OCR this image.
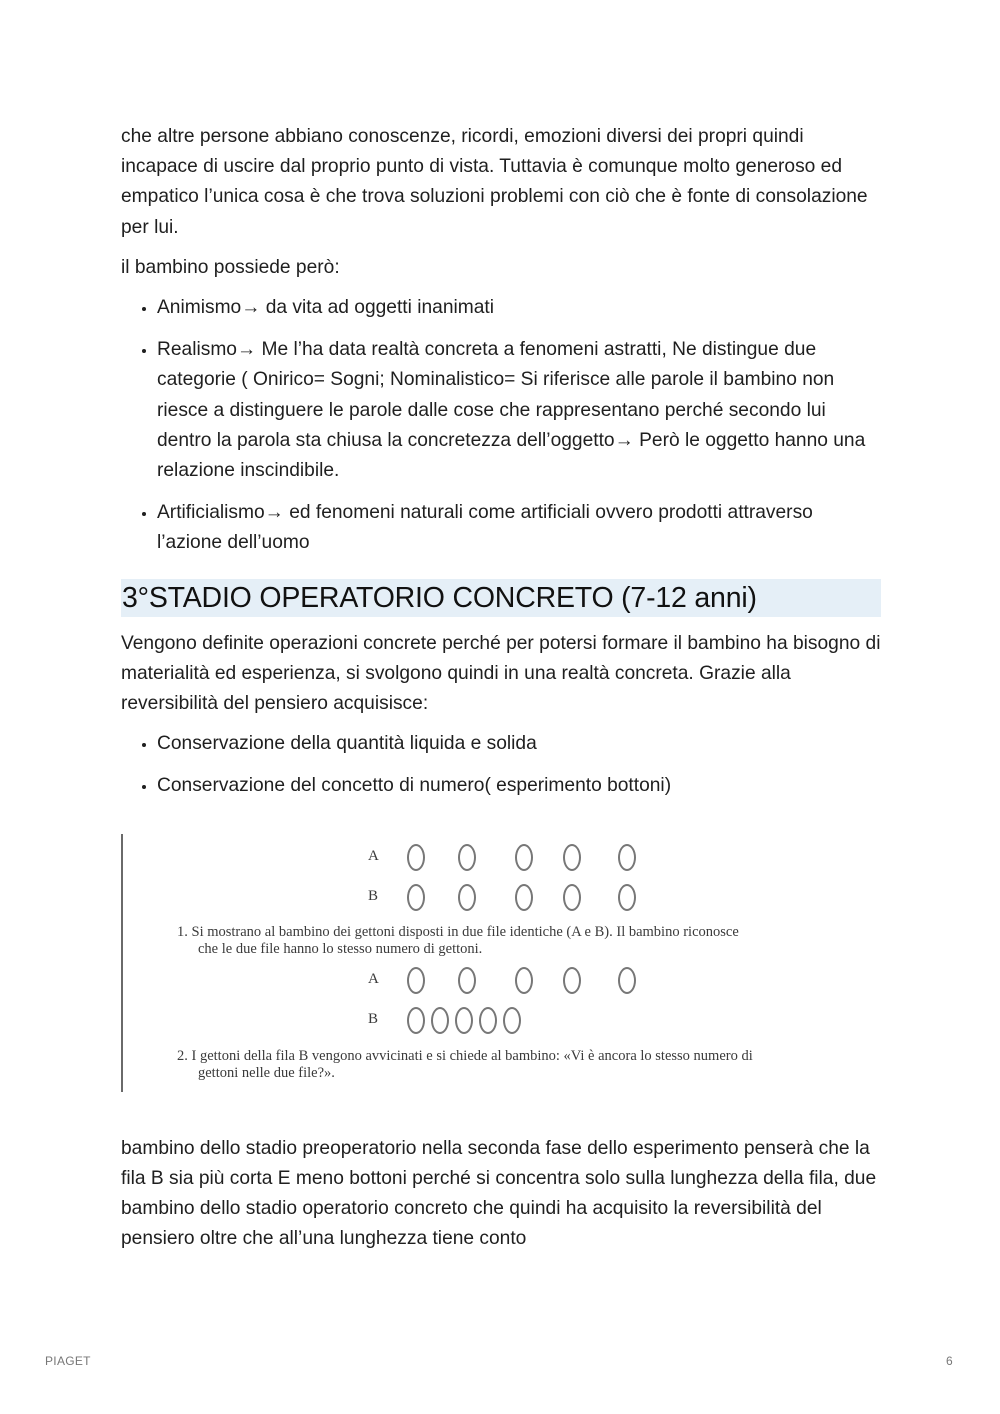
che altre persone abbiano conoscenze, ricordi, emozioni diversi dei propri quindi incapace di uscire dal proprio punto di vista. Tuttavia è comunque molto generoso ed empatico l’unica cosa è che trova soluzioni problemi con ciò che è fonte di consolazione per lui.

il bambino possiede però:

• Animismo→ da vita ad oggetti inanimati
• Realismo→ Me l’ha data realtà concreta a fenomeni astratti, Ne distingue due categorie ( Onirico= Sogni; Nominalistico= Si riferisce alle parole il bambino non riesce a distinguere le parole dalle cose che rappresentano perché secondo lui dentro la parola sta chiusa la concretezza dell’oggetto→ Però le oggetto hanno una relazione inscindibile.
• Artificialismo→ ed fenomeni naturali come artificiali ovvero prodotti attraverso l’azione dell’uomo
3°STADIO OPERATORIO CONCRETO (7-12 anni)

Vengono definite operazioni concrete perché per potersi formare il bambino ha bisogno di materialità ed esperienza, si svolgono quindi in una realtà concreta. Grazie alla reversibilità del pensiero acquisisce:

• Conservazione della quantità liquida e solida
• Conservazione del concetto di numero( esperimento bottoni)
A
B
1. Si mostrano al bambino dei gettoni disposti in due file identiche (A e B). Il bambino riconosce
che le due file hanno lo stesso numero di gettoni.
A
B
2. I gettoni della fila B vengono avvicinati e si chiede al bambino: «Vi è ancora lo stesso numero di
gettoni nelle due file?».

bambino dello stadio preoperatorio nella seconda fase dello esperimento penserà che la fila B sia più corta E meno bottoni perché si concentra solo sulla lunghezza della fila, due bambino dello stadio operatorio concreto che quindi ha acquisito la reversibilità del pensiero oltre che all’una lunghezza tiene conto

PIAGET	6
